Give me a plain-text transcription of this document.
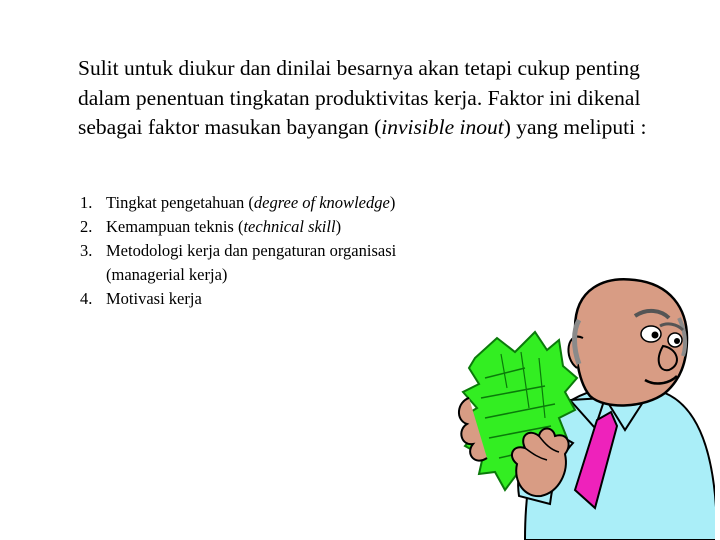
Sulit untuk diukur dan dinilai besarnya akan tetapi cukup penting dalam penentuan tingkatan produktivitas kerja. Faktor ini dikenal sebagai faktor masukan bayangan (invisible inout) yang meliputi :

1. Tingkat pengetahuan (degree of knowledge)
2. Kemampuan teknis (technical skill)
3. Metodologi kerja dan pengaturan organisasi
(managerial kerja)
4. Motivasi kerja
